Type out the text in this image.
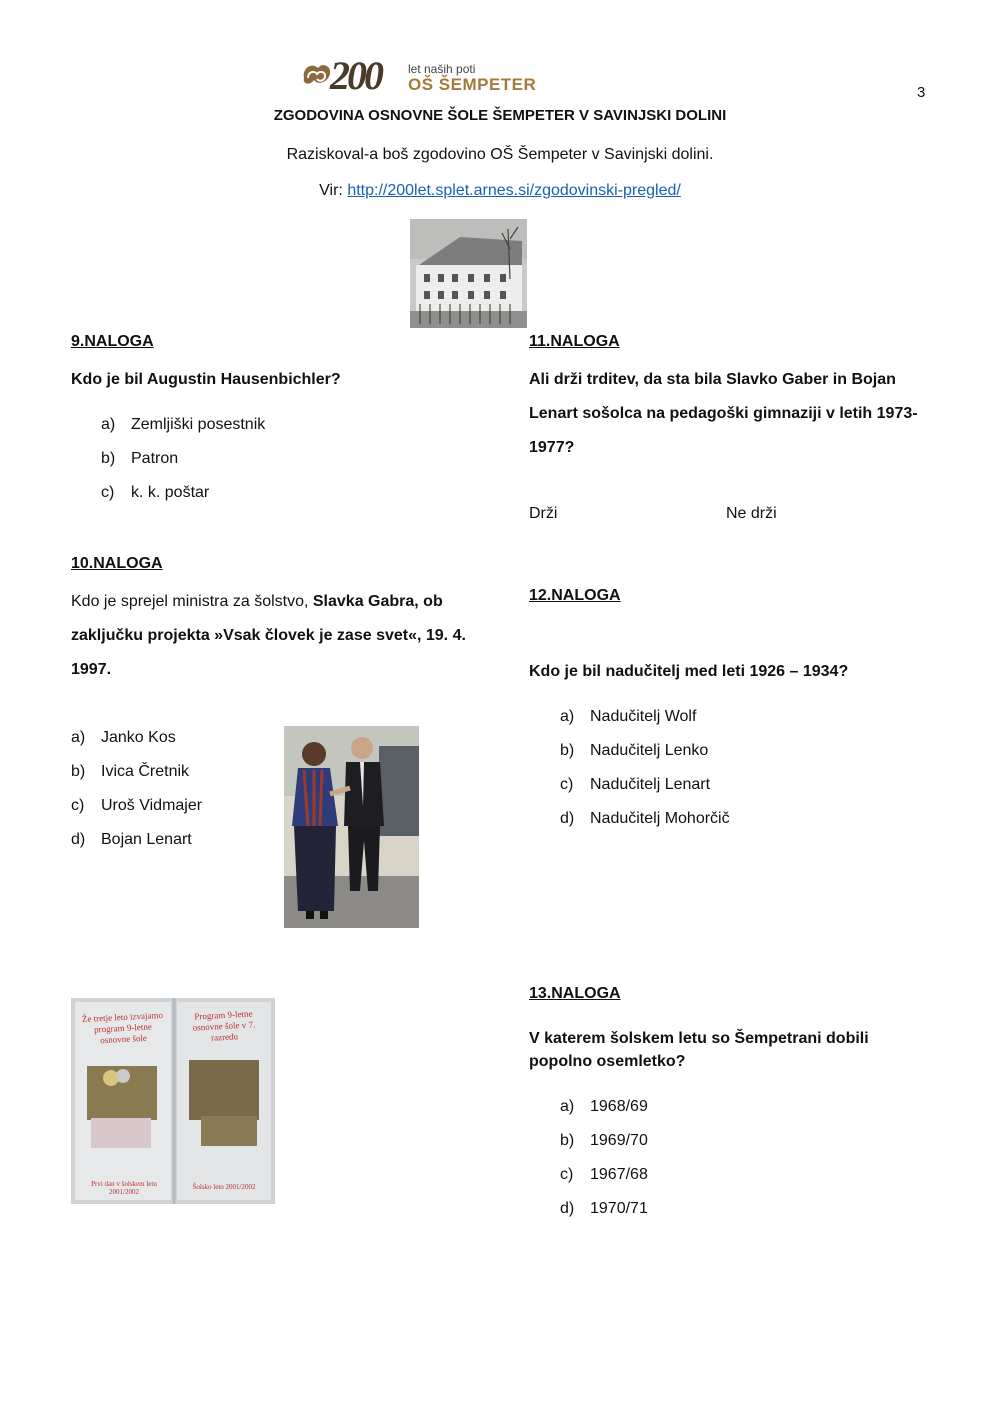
3
200 let naših poti
OŠ ŠEMPETER
ZGODOVINA OSNOVNE ŠOLE ŠEMPETER V SAVINJSKI DOLINI
Raziskoval-a boš zgodovino OŠ Šempeter v Savinjski dolini.
Vir: http://200let.splet.arnes.si/zgodovinski-pregled/
9.NALOGA
Kdo je bil Augustin Hausenbichler?
a) Zemljiški posestnik
b) Patron
c) k. k. poštar
10.NALOGA
Kdo je sprejel ministra za šolstvo, Slavka Gabra, ob
zaključku projekta »Vsak človek je zase svet«, 19. 4.
1997.
a) Janko Kos
b) Ivica Čretnik
c) Uroš Vidmajer
d) Bojan Lenart
Že tretje leto izvajamo program 9-letne osnovne šole
Program 9-letne osnovne šole v 7. razredu
Prvi dan v šolskem letu 2001/2002
Šolsko leto 2001/2002
11.NALOGA
Ali drži trditev, da sta bila Slavko Gaber in Bojan
Lenart sošolca na pedagoški gimnaziji v letih 1973-
1977?
Drži	Ne drži
12.NALOGA
Kdo je bil nadučitelj med leti 1926 – 1934?
a) Nadučitelj Wolf
b) Nadučitelj Lenko
c) Nadučitelj Lenart
d) Nadučitelj Mohorčič
13.NALOGA
V katerem šolskem letu so Šempetrani dobili
popolno osemletko?
a) 1968/69
b) 1969/70
c) 1967/68
d) 1970/71
